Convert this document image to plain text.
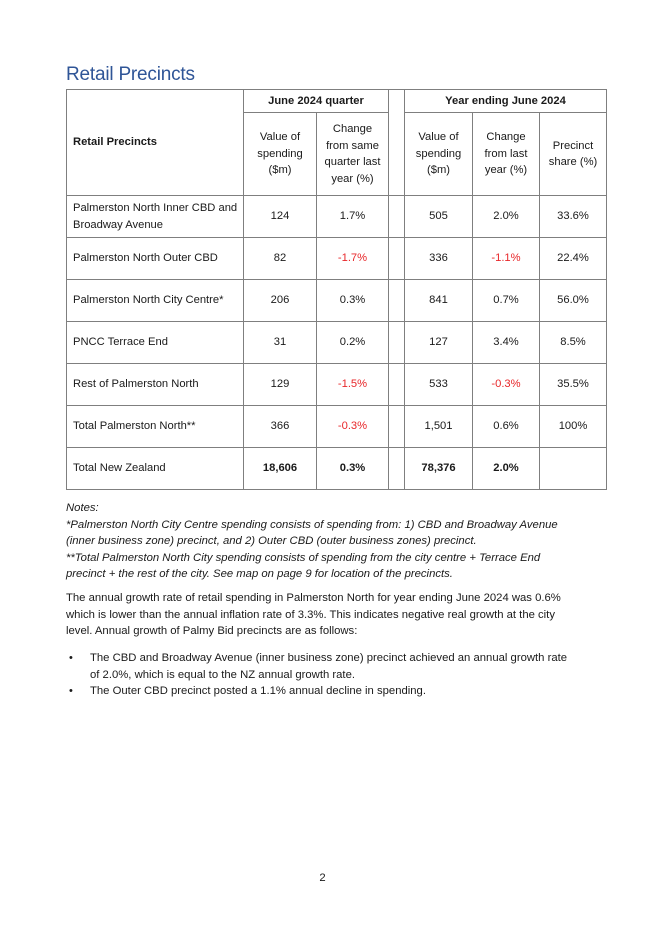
Retail Precincts
Retail Precincts	June 2024 quarter			Year ending June 2024		
	Value of spending ($m)	Change from same quarter last year (%)		Value of spending ($m)	Change from last year (%)	Precinct share (%)
Palmerston North Inner CBD and Broadway Avenue	124	1.7%		505	2.0%	33.6%
Palmerston North Outer CBD	82	-1.7%		336	-1.1%	22.4%
Palmerston North City Centre*	206	0.3%		841	0.7%	56.0%
PNCC Terrace End	31	0.2%		127	3.4%	8.5%
Rest of Palmerston North	129	-1.5%		533	-0.3%	35.5%
Total Palmerston North**	366	-0.3%		1,501	0.6%	100%
Total New Zealand	18,606	0.3%		78,376	2.0%	
Notes:
*Palmerston North City Centre spending consists of spending from: 1) CBD and Broadway Avenue
(inner business zone) precinct, and 2) Outer CBD (outer business zones) precinct.
**Total Palmerston North City spending consists of spending from the city centre + Terrace End
precinct + the rest of the city. See map on page 9 for location of the precincts.
The annual growth rate of retail spending in Palmerston North for year ending June 2024 was 0.6%
which is lower than the annual inflation rate of 3.3%. This indicates negative real growth at the city
level. Annual growth of Palmy Bid precincts are as follows:
• The CBD and Broadway Avenue (inner business zone) precinct achieved an annual growth rate
of 2.0%, which is equal to the NZ annual growth rate.
• The Outer CBD precinct posted a 1.1% annual decline in spending.
2
